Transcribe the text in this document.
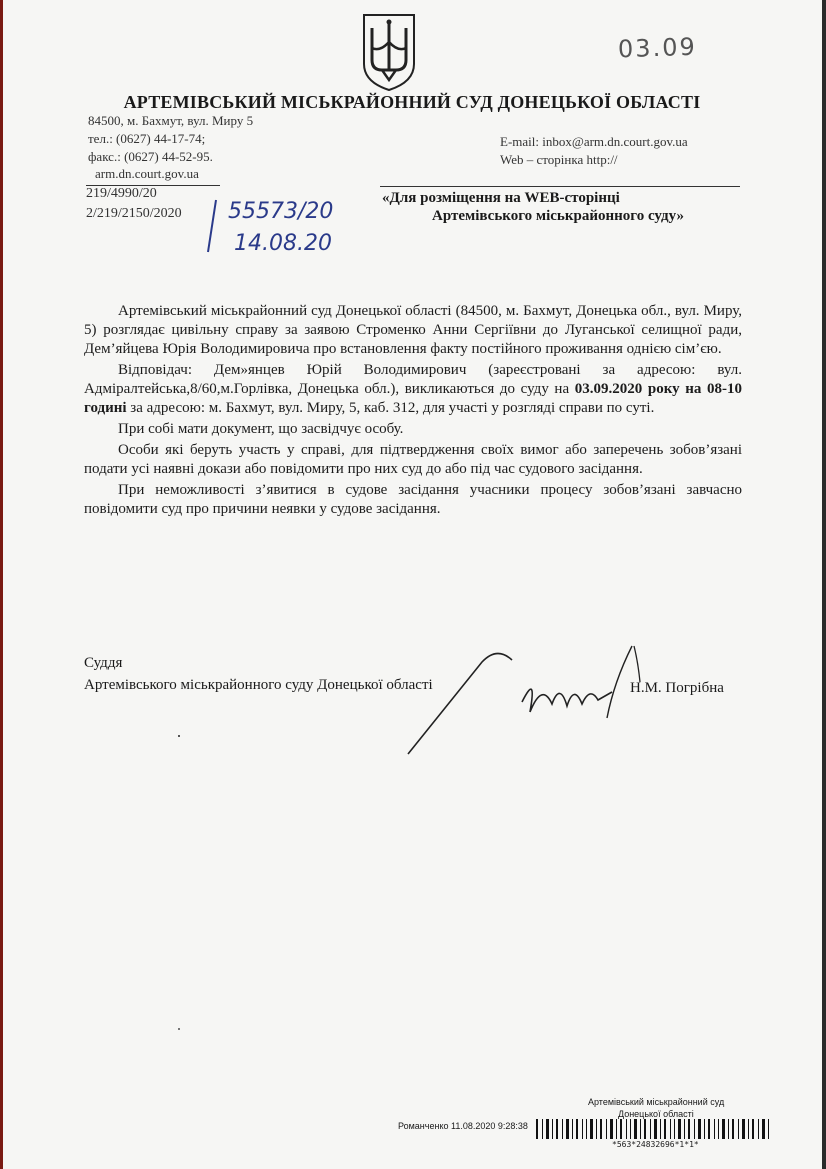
03.09
АРТЕМІВСЬКИЙ МІСЬКРАЙОННИЙ СУД ДОНЕЦЬКОЇ ОБЛАСТІ
84500, м. Бахмут, вул. Миру 5
тел.: (0627) 44-17-74;
факс.: (0627) 44-52-95.
arm.dn.court.gov.ua
E-mail: inbox@arm.dn.court.gov.ua
Web – сторінка http://
219/4990/20
2/219/2150/2020 55573/20
14.08.20
«Для розміщення на WEB-сторінці
Артемівського міськрайонного суду»

Артемівський міськрайонний суд Донецької області (84500, м. Бахмут, Донецька обл., вул. Миру, 5) розглядає цивільну справу за заявою Строменко Анни Сергіївни до Луганської селищної ради, Дем’яйцева Юрія Володимировича про встановлення факту постійного проживання однією сім’єю.

Відповідач: Дем»янцев Юрій Володимирович (зареєстровані за адресою: вул. Адміралтейська,8/60,м.Горлівка, Донецька обл.), викликаються до суду на 03.09.2020 року на 08-10 годині за адресою: м. Бахмут, вул. Миру, 5, каб. 312, для участі у розгляді справи по суті.

При собі мати документ, що засвідчує особу.

Особи які беруть участь у справі, для підтвердження своїх вимог або заперечень зобов’язані подати усі наявні докази або повідомити про них суд до або під час судового засідання.

При неможливості з’явитися в судове засідання учасники процесу зобов’язані завчасно повідомити суд про причини неявки у судове засідання.

Суддя
Артемівського міськрайонного суду Донецької області	Н.М. Погрібна
Артемівський міськрайонний суд
Донецької області
Романченко 11.08.2020 9:28:38
*563*24832696*1*1*
